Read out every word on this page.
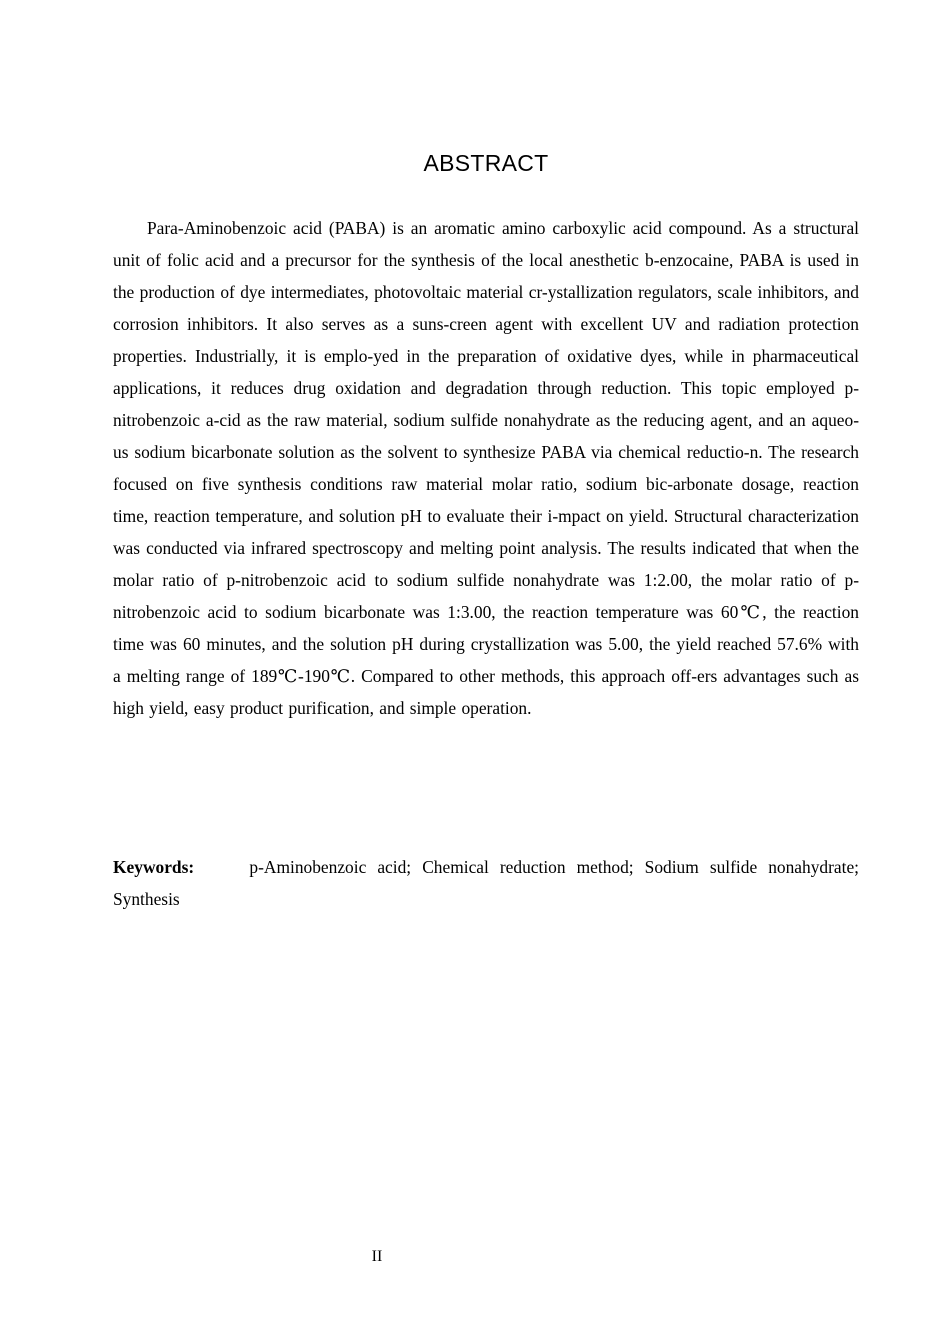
ABSTRACT

Para-Aminobenzoic acid (PABA) is an aromatic amino carboxylic acid compound. As a structural unit of folic acid and a precursor for the synthesis of the local anesthetic b-enzocaine, PABA is used in the production of dye intermediates, photovoltaic material cr-ystallization regulators, scale inhibitors, and corrosion inhibitors. It also serves as a suns-creen agent with excellent UV and radiation protection properties. Industrially, it is emplo-yed in the preparation of oxidative dyes, while in pharmaceutical applications, it reduces drug oxidation and degradation through reduction. This topic employed p-nitrobenzoic a-cid as the raw material, sodium sulfide nonahydrate as the reducing agent, and an aqueo-us sodium bicarbonate solution as the solvent to synthesize PABA via chemical reductio-n. The research focused on five synthesis conditions raw material molar ratio, sodium bic-arbonate dosage, reaction time, reaction temperature, and solution pH to evaluate their i-mpact on yield. Structural characterization was conducted via infrared spectroscopy and melting point analysis. The results indicated that when the molar ratio of p-nitrobenzoic acid to sodium sulfide nonahydrate was 1:2.00, the molar ratio of p-nitrobenzoic acid to sodium bicarbonate was 1:3.00, the reaction temperature was 60℃, the reaction time was 60 minutes, and the solution pH during crystallization was 5.00, the yield reached 57.6% with a melting range of 189℃-190℃. Compared to other methods, this approach off-ers advantages such as high yield, easy product purification, and simple operation.

Keywords:	p-Aminobenzoic acid; Chemical reduction method; Sodium sulfide nonahydrate; Synthesis

II
